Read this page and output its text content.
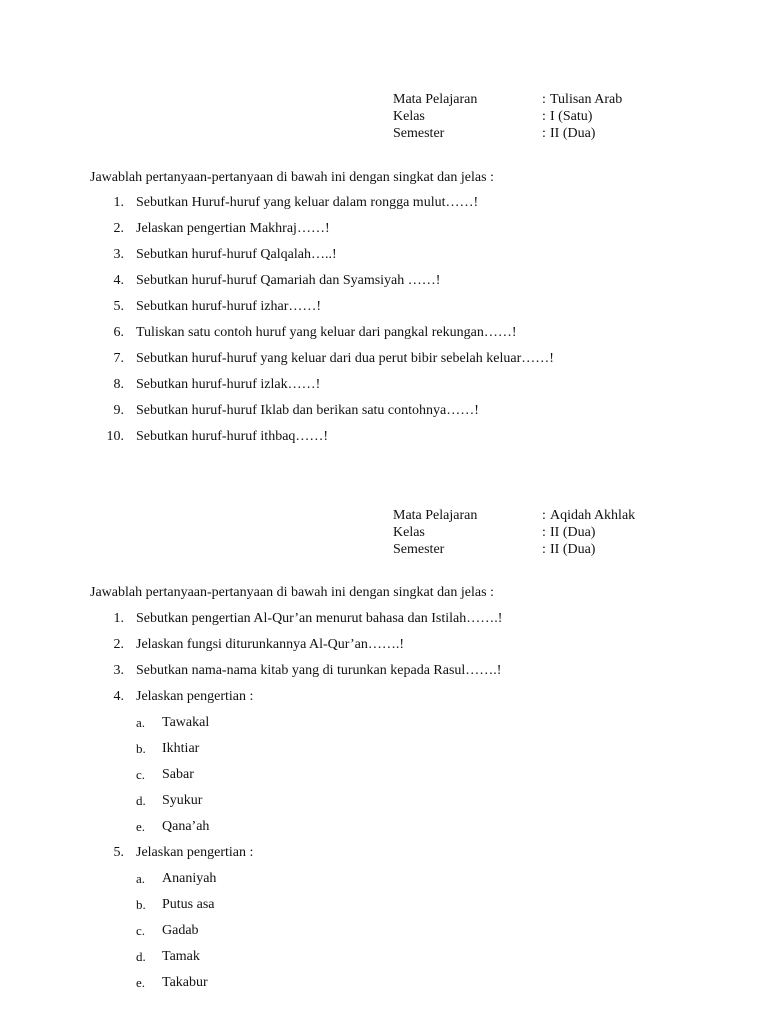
Mata Pelajaran	: Tulisan Arab
Kelas	: I (Satu)
Semester	: II (Dua)
Jawablah pertanyaan-pertanyaan di bawah ini dengan singkat dan jelas :
1. Sebutkan Huruf-huruf yang keluar dalam rongga mulut……!
2. Jelaskan pengertian Makhraj……!
3. Sebutkan huruf-huruf Qalqalah…..!
4. Sebutkan huruf-huruf Qamariah dan Syamsiyah ……!
5. Sebutkan huruf-huruf izhar……!
6. Tuliskan satu contoh huruf yang keluar dari pangkal rekungan……!
7. Sebutkan huruf-huruf yang keluar dari dua perut bibir sebelah keluar……!
8. Sebutkan huruf-huruf izlak……!
9. Sebutkan huruf-huruf Iklab dan berikan satu contohnya……!
10. Sebutkan huruf-huruf ithbaq……!
Mata Pelajaran	: Aqidah Akhlak
Kelas	: II (Dua)
Semester	: II (Dua)
Jawablah pertanyaan-pertanyaan di bawah ini dengan singkat dan jelas :
1. Sebutkan pengertian Al-Qur’an menurut bahasa dan Istilah…….!
2. Jelaskan fungsi diturunkannya Al-Qur’an…….!
3. Sebutkan nama-nama kitab yang di turunkan kepada Rasul…….!
4. Jelaskan pengertian :
a. Tawakal
b. Ikhtiar
c. Sabar
d. Syukur
e. Qana’ah
5. Jelaskan pengertian :
a. Ananiyah
b. Putus asa
c. Gadab
d. Tamak
e. Takabur
